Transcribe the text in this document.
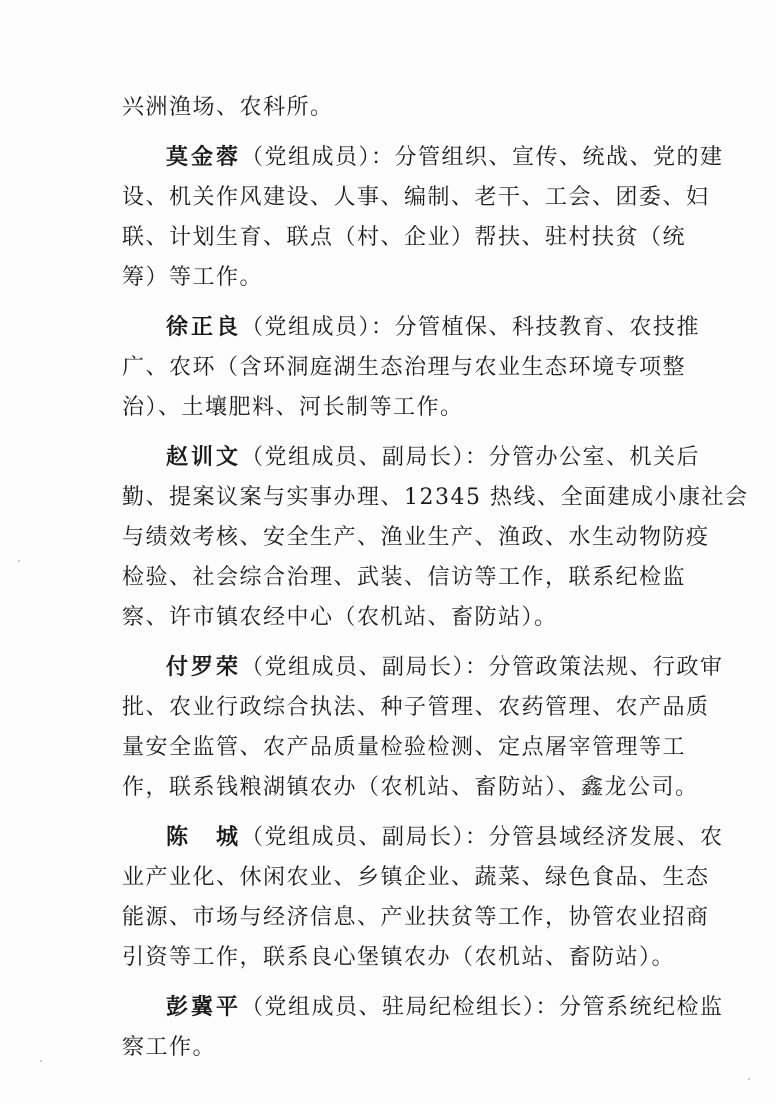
兴洲渔场、农科所。

莫金蓉（党组成员）：分管组织、宣传、统战、党的建

设、机关作风建设、人事、编制、老干、工会、团委、妇

联、计划生育、联点（村、企业）帮扶、驻村扶贫（统

筹）等工作。

徐正良（党组成员）：分管植保、科技教育、农技推

广、农环（含环洞庭湖生态治理与农业生态环境专项整

治）、土壤肥料、河长制等工作。

赵训文（党组成员、副局长）：分管办公室、机关后

勤、提案议案与实事办理、12345 热线、全面建成小康社会

与绩效考核、安全生产、渔业生产、渔政、水生动物防疫

检验、社会综合治理、武装、信访等工作，联系纪检监

察、许市镇农经中心（农机站、畜防站）。

付罗荣（党组成员、副局长）：分管政策法规、行政审

批、农业行政综合执法、种子管理、农药管理、农产品质

量安全监管、农产品质量检验检测、定点屠宰管理等工

作，联系钱粮湖镇农办（农机站、畜防站）、鑫龙公司。

陈　城（党组成员、副局长）：分管县域经济发展、农

业产业化、休闲农业、乡镇企业、蔬菜、绿色食品、生态

能源、市场与经济信息、产业扶贫等工作，协管农业招商

引资等工作，联系良心堡镇农办（农机站、畜防站）。

彭冀平（党组成员、驻局纪检组长）：分管系统纪检监

察工作。
